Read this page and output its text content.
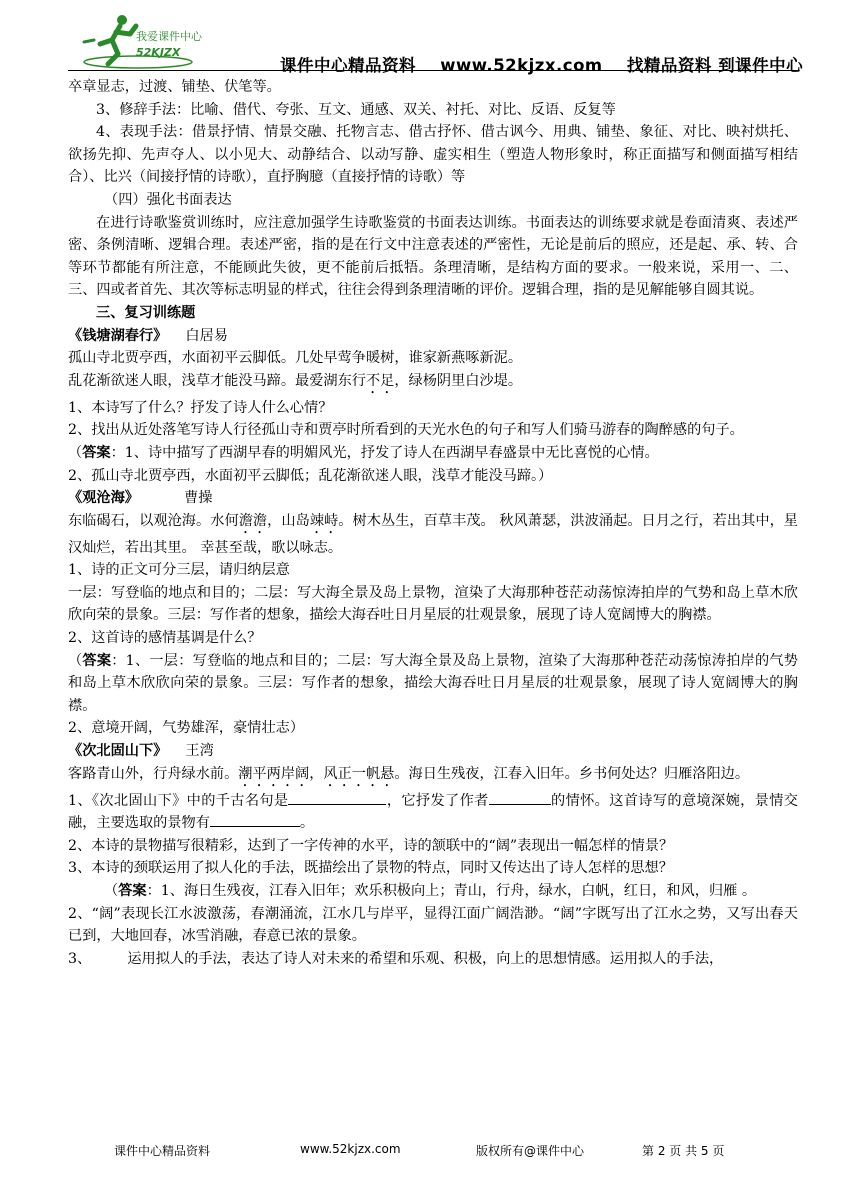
我爱课件中心
52KJZX
课件中心精品资料 www.52kjzx.com 找精品资料 到课件中心

卒章显志，过渡、铺垫、伏笔等。

3、修辞手法：比喻、借代、夸张、互文、通感、双关、衬托、对比、反语、反复等

4、表现手法：借景抒情、情景交融、托物言志、借古抒怀、借古讽今、用典、铺垫、象征、对比、映衬烘托、欲扬先抑、先声夺人、以小见大、动静结合、以动写静、虚实相生（塑造人物形象时，称正面描写和侧面描写相结合）、比兴（间接抒情的诗歌），直抒胸臆（直接抒情的诗歌）等

（四）强化书面表达

在进行诗歌鉴赏训练时，应注意加强学生诗歌鉴赏的书面表达训练。书面表达的训练要求就是卷面清爽、表述严密、条例清晰、逻辑合理。表述严密，指的是在行文中注意表述的严密性，无论是前后的照应，还是起、承、转、合等环节都能有所注意，不能顾此失彼，更不能前后抵牾。条理清晰，是结构方面的要求。一般来说，采用一、二、三、四或者首先、其次等标志明显的样式，往往会得到条理清晰的评价。逻辑合理，指的是见解能够自圆其说。

三、复习训练题

《钱塘湖春行》 白居易

孤山寺北贾亭西，水面初平云脚低。几处早莺争暖树，谁家新燕啄新泥。

乱花渐欲迷人眼，浅草才能没马蹄。最爱湖东行不足，绿杨阴里白沙堤。

1、本诗写了什么？抒发了诗人什么心情？

2、找出从近处落笔写诗人行径孤山寺和贾亭时所看到的天光水色的句子和写人们骑马游春的陶醉感的句子。

（答案：1、诗中描写了西湖早春的明媚风光，抒发了诗人在西湖早春盛景中无比喜悦的心情。

2、孤山寺北贾亭西，水面初平云脚低；乱花渐欲迷人眼，浅草才能没马蹄。）

《观沧海》	曹操

东临碣石，以观沧海。水何澹澹，山岛竦峙。树木丛生，百草丰茂。 秋风萧瑟，洪波涌起。日月之行，若出其中，星汉灿烂，若出其里。 幸甚至哉，歌以咏志。

1、诗的正文可分三层，请归纳层意

一层：写登临的地点和目的；二层：写大海全景及岛上景物，渲染了大海那种苍茫动荡惊涛拍岸的气势和岛上草木欣欣向荣的景象。三层：写作者的想象，描绘大海吞吐日月星辰的壮观景象，展现了诗人宽阔博大的胸襟。

2、这首诗的感情基调是什么？

（答案：1、一层：写登临的地点和目的；二层：写大海全景及岛上景物，渲染了大海那种苍茫动荡惊涛拍岸的气势和岛上草木欣欣向荣的景象。三层：写作者的想象，描绘大海吞吐日月星辰的壮观景象，展现了诗人宽阔博大的胸襟。

2、意境开阔，气势雄浑，豪情壮志）

《次北固山下》 王湾

客路青山外，行舟绿水前。潮平两岸阔，风正一帆悬。海日生残夜，江春入旧年。乡书何处达？归雁洛阳边。

1、《次北固山下》中的千古名句是	，它抒发了作者	的情怀。这首诗写的意境深婉，景情交融，主要选取的景物有	。

2、本诗的景物描写很精彩，达到了一字传神的水平，诗的颔联中的“阔”表现出一幅怎样的情景？

3、本诗的颈联运用了拟人化的手法，既描绘出了景物的特点，同时又传达出了诗人怎样的思想？

（答案：1、海日生残夜，江春入旧年；欢乐积极向上；青山，行舟，绿水，白帆，红日，和风，归雁 。

2、“阔”表现长江水波激荡，春潮涌流，江水几与岸平，显得江面广阔浩渺。“阔”字既写出了江水之势，又写出春天已到，大地回春，冰雪消融，春意已浓的景象。

3、	运用拟人的手法，表达了诗人对未来的希望和乐观、积极，向上的思想情感。运用拟人的手法，

课件中心精品资料	www.52kjzx.com	版权所有@课件中心	第 2 页 共 5 页
